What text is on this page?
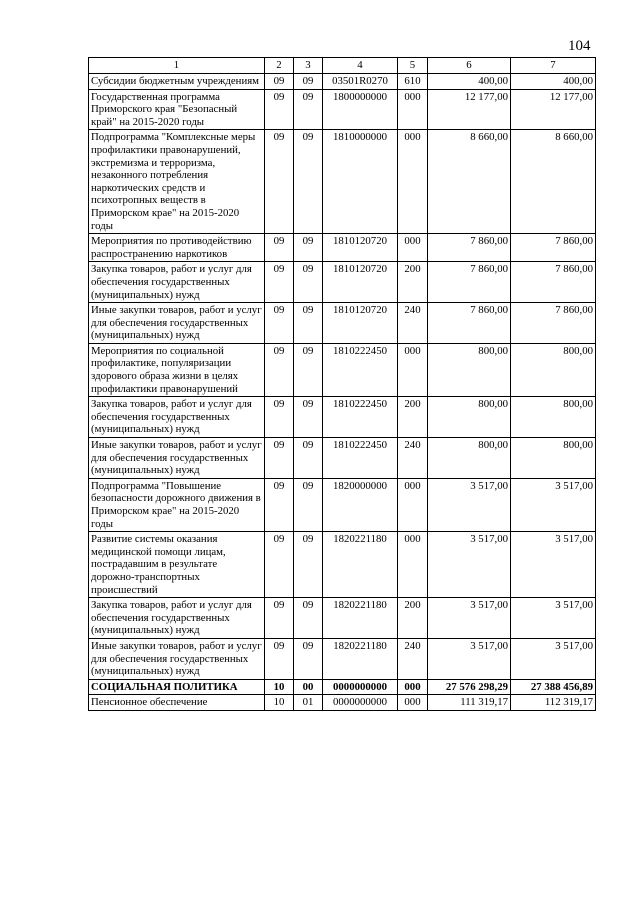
104
1	2	3	4	5	6	7
Субсидии бюджетным учреждениям	09	09	03501R0270	610	400,00	400,00
Государственная программа Приморского края "Безопасный край" на 2015-2020 годы	09	09	1800000000	000	12 177,00	12 177,00
Подпрограмма "Комплексные меры профилактики правонарушений, экстремизма и терроризма, незаконного потребления наркотических средств и психотропных веществ в Приморском крае" на 2015-2020 годы	09	09	1810000000	000	8 660,00	8 660,00
Мероприятия по противодействию распространению наркотиков	09	09	1810120720	000	7 860,00	7 860,00
Закупка товаров, работ и услуг для обеспечения государственных (муниципальных) нужд	09	09	1810120720	200	7 860,00	7 860,00
Иные закупки товаров, работ и услуг для обеспечения государственных (муниципальных) нужд	09	09	1810120720	240	7 860,00	7 860,00
Мероприятия по социальной профилактике, популяризации здорового образа жизни в целях профилактики правонарушений	09	09	1810222450	000	800,00	800,00
Закупка товаров, работ и услуг для обеспечения государственных (муниципальных) нужд	09	09	1810222450	200	800,00	800,00
Иные закупки товаров, работ и услуг для обеспечения государственных (муниципальных) нужд	09	09	1810222450	240	800,00	800,00
Подпрограмма "Повышение безопасности дорожного движения в Приморском крае" на 2015-2020 годы	09	09	1820000000	000	3 517,00	3 517,00
Развитие системы оказания медицинской помощи лицам, пострадавшим в результате дорожно-транспортных происшествий	09	09	1820221180	000	3 517,00	3 517,00
Закупка товаров, работ и услуг для обеспечения государственных (муниципальных) нужд	09	09	1820221180	200	3 517,00	3 517,00
Иные закупки товаров, работ и услуг для обеспечения государственных (муниципальных) нужд	09	09	1820221180	240	3 517,00	3 517,00
СОЦИАЛЬНАЯ ПОЛИТИКА	10	00	0000000000	000	27 576 298,29	27 388 456,89
Пенсионное обеспечение	10	01	0000000000	000	111 319,17	112 319,17
